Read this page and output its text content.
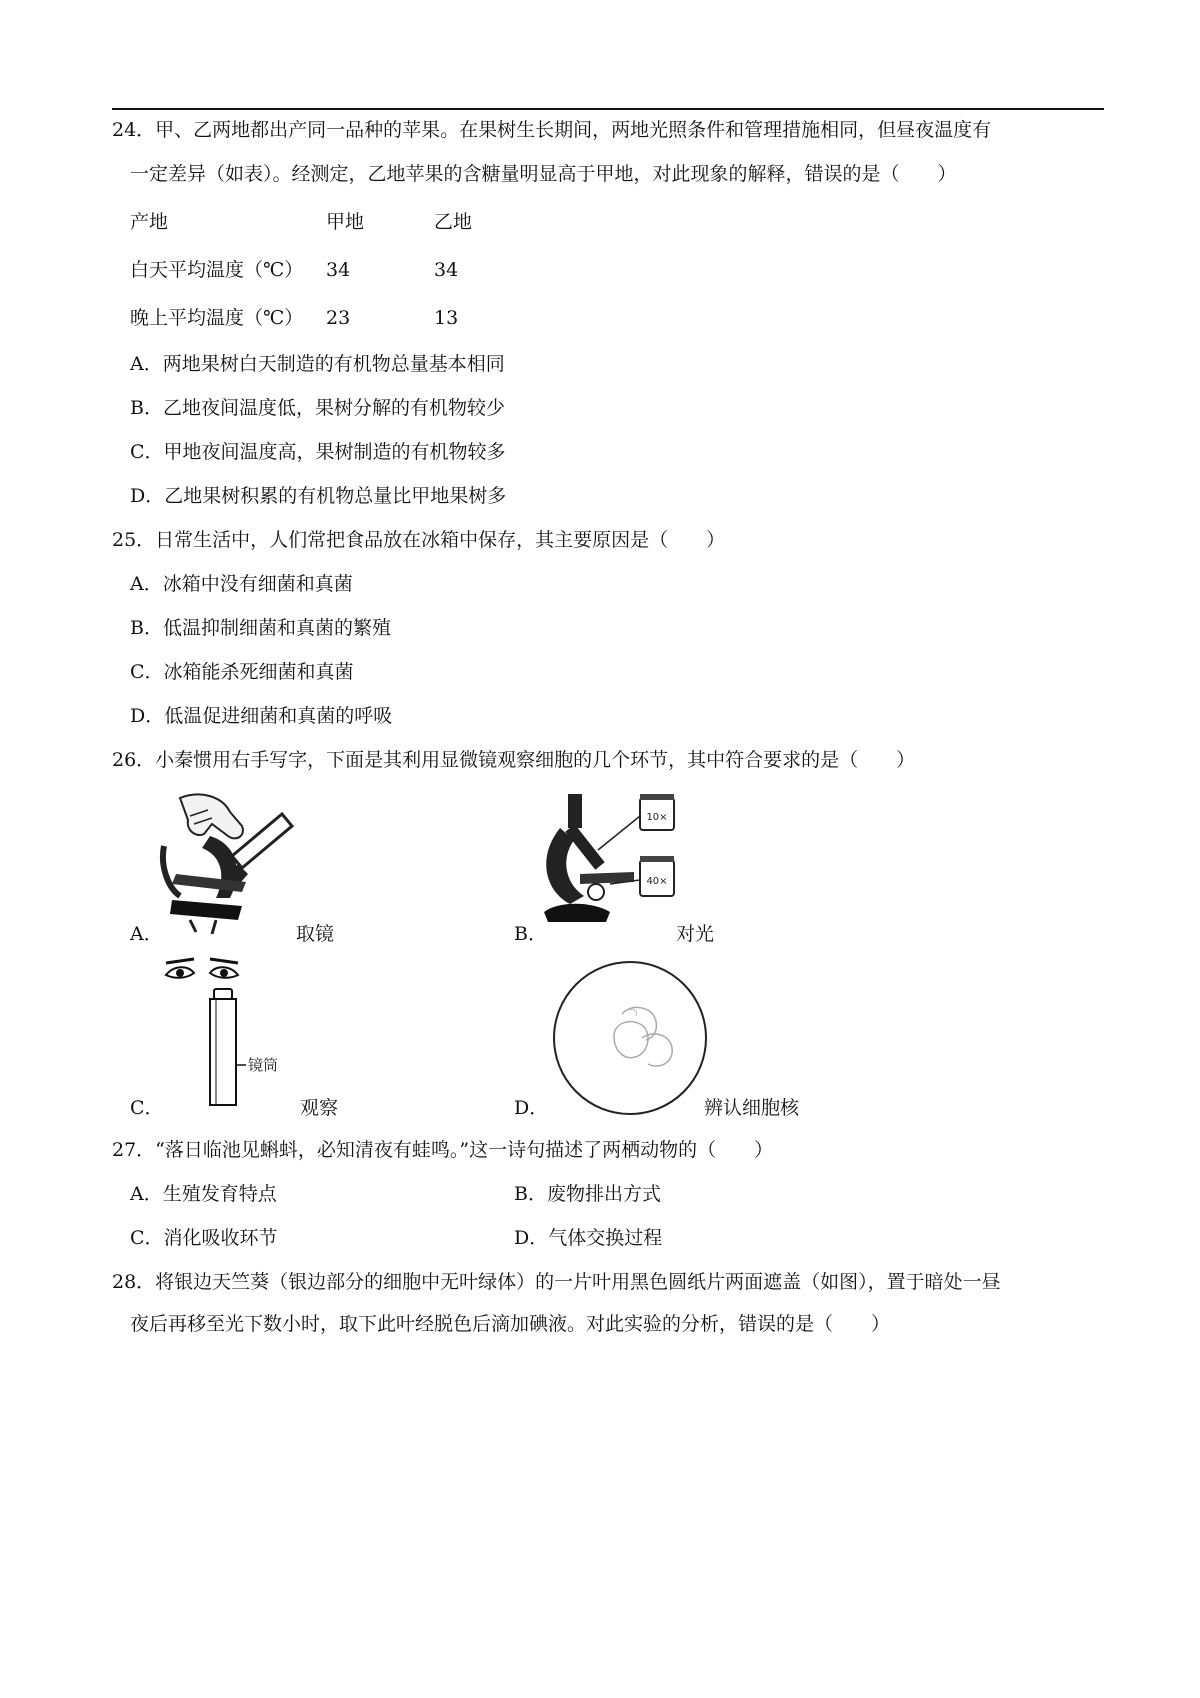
24．甲、乙两地都出产同一品种的苹果。在果树生长期间，两地光照条件和管理措施相同，但昼夜温度有
一定差异（如表）。经测定，乙地苹果的含糖量明显高于甲地，对此现象的解释，错误的是（　　）
产地	甲地	乙地
白天平均温度（℃） 34	34
晚上平均温度（℃） 23	13
A．两地果树白天制造的有机物总量基本相同
B．乙地夜间温度低，果树分解的有机物较少
C．甲地夜间温度高，果树制造的有机物较多
D．乙地果树积累的有机物总量比甲地果树多
25．日常生活中，人们常把食品放在冰箱中保存，其主要原因是（　　）
A．冰箱中没有细菌和真菌
B．低温抑制细菌和真菌的繁殖
C．冰箱能杀死细菌和真菌
D．低温促进细菌和真菌的呼吸
26．小秦惯用右手写字，下面是其利用显微镜观察细胞的几个环节，其中符合要求的是（　　）
A．	取镜
10×
40×
B．	对光
镜筒
C．	观察	D．	辨认细胞核
27．“落日临池见蝌蚪，必知清夜有蛙鸣。”这一诗句描述了两栖动物的（　　）
A．生殖发育特点	B．废物排出方式
C．消化吸收环节	D．气体交换过程
28．将银边天竺葵（银边部分的细胞中无叶绿体）的一片叶用黑色圆纸片两面遮盖（如图），置于暗处一昼
夜后再移至光下数小时，取下此叶经脱色后滴加碘液。对此实验的分析，错误的是（　　）
